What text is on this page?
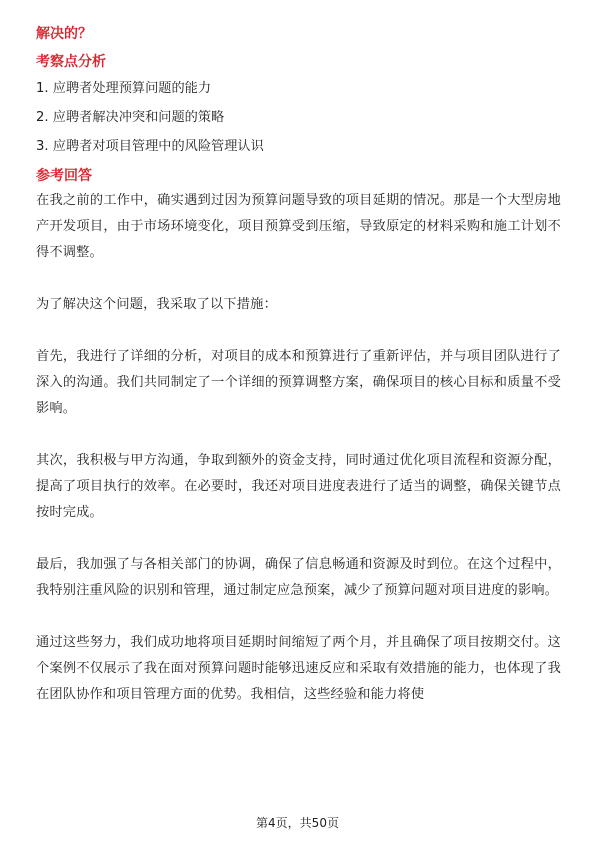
解决的？

考察点分析

1. 应聘者处理预算问题的能力
2. 应聘者解决冲突和问题的策略
3. 应聘者对项目管理中的风险管理认识

参考回答

在我之前的工作中，确实遇到过因为预算问题导致的项目延期的情况。那是一个大型房地产开发项目，由于市场环境变化，项目预算受到压缩，导致原定的材料采购和施工计划不得不调整。

为了解决这个问题，我采取了以下措施：

首先，我进行了详细的分析，对项目的成本和预算进行了重新评估，并与项目团队进行了深入的沟通。我们共同制定了一个详细的预算调整方案，确保项目的核心目标和质量不受影响。

其次，我积极与甲方沟通，争取到额外的资金支持，同时通过优化项目流程和资源分配，提高了项目执行的效率。在必要时，我还对项目进度表进行了适当的调整，确保关键节点按时完成。

最后，我加强了与各相关部门的协调，确保了信息畅通和资源及时到位。在这个过程中，我特别注重风险的识别和管理，通过制定应急预案，减少了预算问题对项目进度的影响。

通过这些努力，我们成功地将项目延期时间缩短了两个月，并且确保了项目按期交付。这个案例不仅展示了我在面对预算问题时能够迅速反应和采取有效措施的能力，也体现了我在团队协作和项目管理方面的优势。我相信，这些经验和能力将使

第4页，共50页
